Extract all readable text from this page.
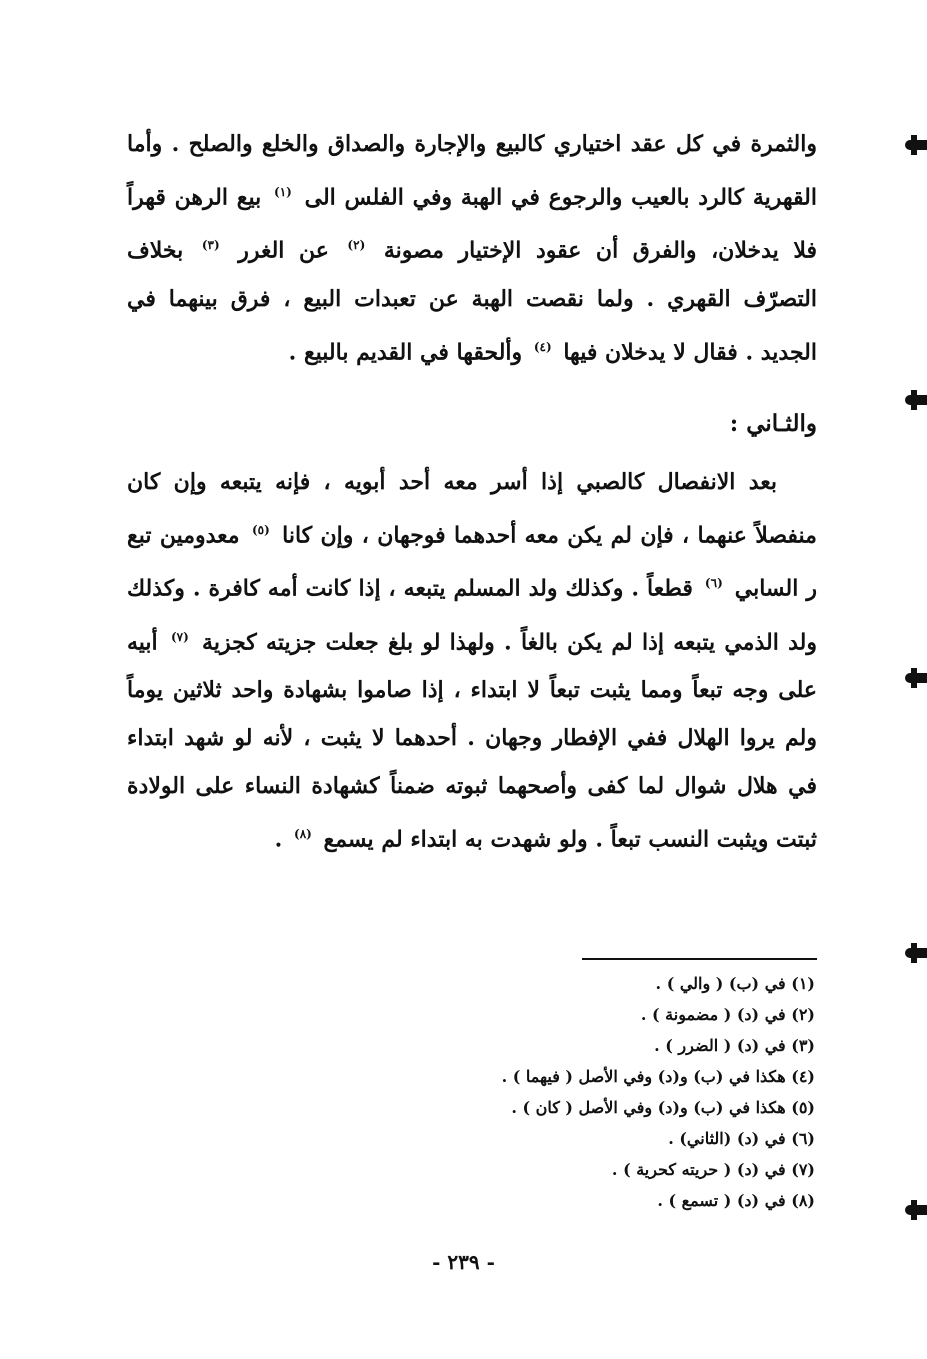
والثمرة في كل عقد اختياري كالبيع والإجارة والصداق والخلع والصلح . وأما القهرية كالرد بالعيب والرجوع في الهبة وفي الفلس الى $^{(١)}$ بيع الرهن قهراً فلا يدخلان، والفرق أن عقود الإختيار مصونة $^{(٢)}$ عن الغرر $^{(٣)}$ بخلاف التصرّف القهري . ولما نقصت الهبة عن تعبدات البيع ، فرق بينهما في الجديد . فقال لا يدخلان فيها $^{(٤)}$ وألحقها في القديم بالبيع .
والثـاني :

بعد الانفصال كالصبي إذا أسر معه أحد أبويه ، فإنه يتبعه وإن كان منفصلاً عنهما ، فإن لم يكن معه أحدهما فوجهان ، وإن كانا $^{(٥)}$ معدومين تبع ر السابي $^{(٦)}$ قطعاً . وكذلك ولد المسلم يتبعه ، إذا كانت أمه كافرة . وكذلك ولد الذمي يتبعه إذا لم يكن بالغاً . ولهذا لو بلغ جعلت جزيته كجزية $^{(٧)}$ أبيه على وجه تبعاً ومما يثبت تبعاً لا ابتداء ، إذا صاموا بشهادة واحد ثلاثين يوماً ولم يروا الهلال ففي الإفطار وجهان . أحدهما لا يثبت ، لأنه لو شهد ابتداء في هلال شوال لما كفى وأصحهما ثبوته ضمناً كشهادة النساء على الولادة ثبتت ويثبت النسب تبعاً . ولو شهدت به ابتداء لم يسمع $^{(٨)}$ .

(١) في (ب) ( والي ) .
(٢) في (د) ( مضمونة ) .
(٣) في (د) ( الضرر ) .
(٤) هكذا في (ب) و(د) وفي الأصل ( فيهما ) .
(٥) هكذا في (ب) و(د) وفي الأصل ( كان ) .
(٦) في (د) (الثاني) .
(٧) في (د) ( حريته كحرية ) .
(٨) في (د) ( تسمع ) .
- ٢٣٩ -
